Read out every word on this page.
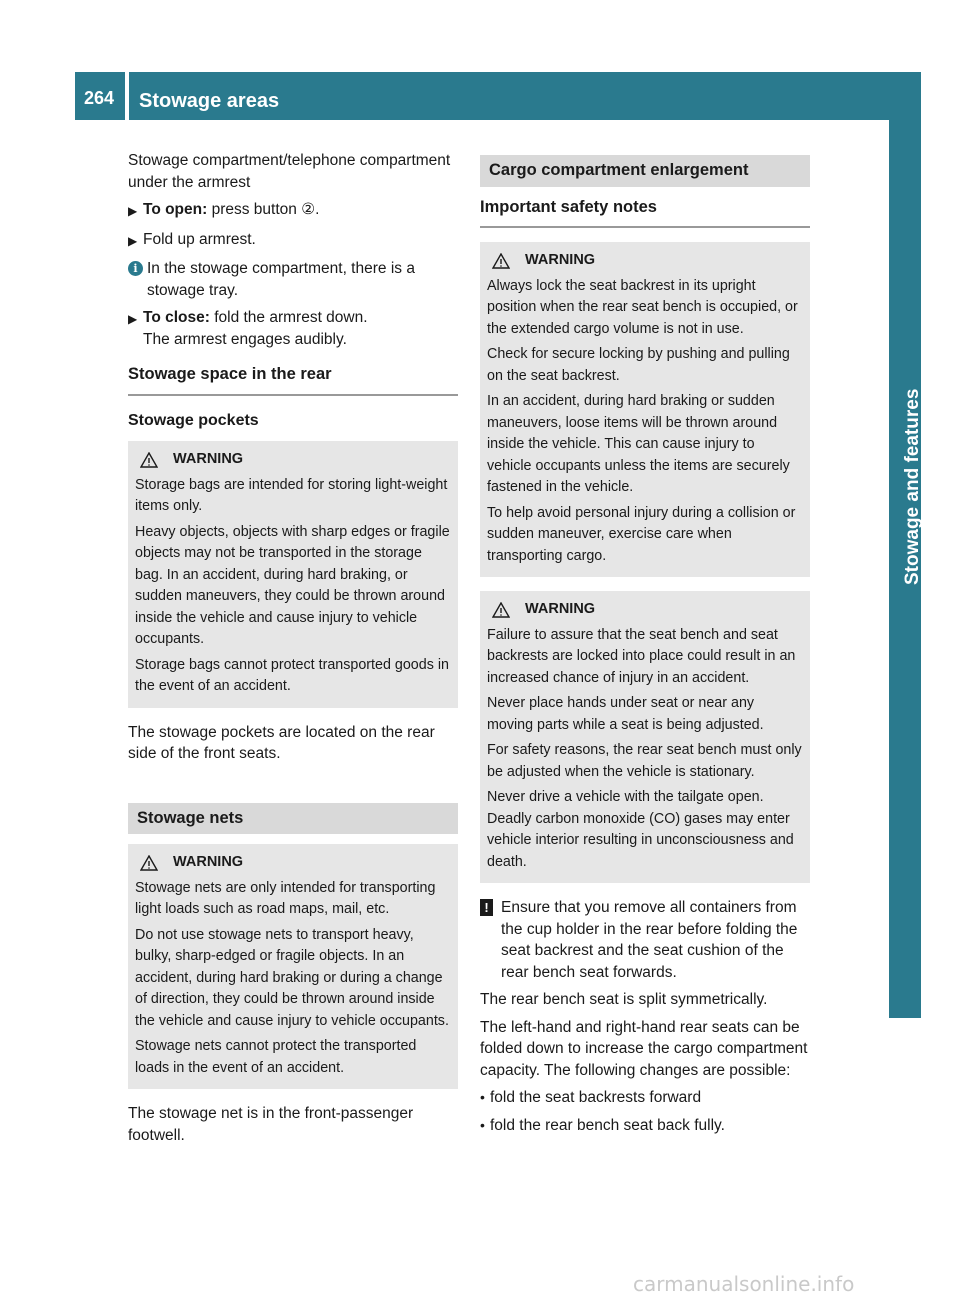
264	Stowage areas
Stowage and features

Stowage compartment/telephone compartment under the armrest

▶ To open: press button ②.
▶ Fold up armrest.
i In the stowage compartment, there is a stowage tray.
▶ To close: fold the armrest down.
The armrest engages audibly.
Stowage space in the rear
Stowage pockets
WARNING

Storage bags are intended for storing light-weight items only.

Heavy objects, objects with sharp edges or fragile objects may not be transported in the storage bag. In an accident, during hard braking, or sudden maneuvers, they could be thrown around inside the vehicle and cause injury to vehicle occupants.

Storage bags cannot protect transported goods in the event of an accident.

The stowage pockets are located on the rear side of the front seats.

Stowage nets
WARNING

Stowage nets are only intended for transporting light loads such as road maps, mail, etc.

Do not use stowage nets to transport heavy, bulky, sharp-edged or fragile objects. In an accident, during hard braking or during a change of direction, they could be thrown around inside the vehicle and cause injury to vehicle occupants.

Stowage nets cannot protect the transported loads in the event of an accident.

The stowage net is in the front-passenger footwell.

Cargo compartment enlargement
Important safety notes
WARNING

Always lock the seat backrest in its upright position when the rear seat bench is occupied, or the extended cargo volume is not in use.

Check for secure locking by pushing and pulling on the seat backrest.

In an accident, during hard braking or sudden maneuvers, loose items will be thrown around inside the vehicle. This can cause injury to vehicle occupants unless the items are securely fastened in the vehicle.

To help avoid personal injury during a collision or sudden maneuver, exercise care when transporting cargo.

WARNING

Failure to assure that the seat bench and seat backrests are locked into place could result in an increased chance of injury in an accident.

Never place hands under seat or near any moving parts while a seat is being adjusted.

For safety reasons, the rear seat bench must only be adjusted when the vehicle is stationary.

Never drive a vehicle with the tailgate open. Deadly carbon monoxide (CO) gases may enter vehicle interior resulting in unconsciousness and death.

! Ensure that you remove all containers from the cup holder in the rear before folding the seat backrest and the seat cushion of the rear bench seat forwards.

The rear bench seat is split symmetrically.

The left-hand and right-hand rear seats can be folded down to increase the cargo compartment capacity. The following changes are possible:

• fold the seat backrests forward
• fold the rear bench seat back fully.
carmanualsonline.info
